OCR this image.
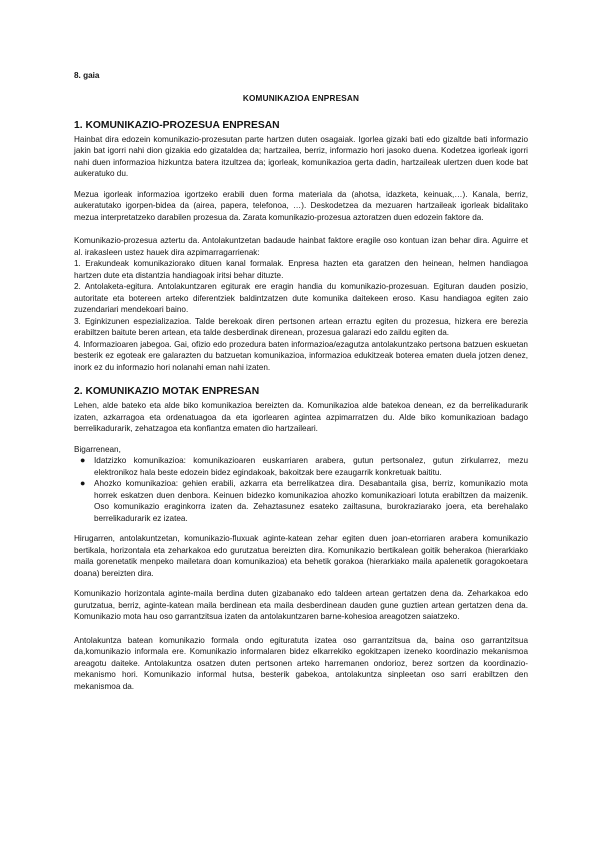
8. gaia

KOMUNIKAZIOA ENPRESAN

1. KOMUNIKAZIO-PROZESUA ENPRESAN

Hainbat dira edozein komunikazio-prozesutan parte hartzen duten osagaiak. Igorlea gizaki bati edo gizaltde bati informazio jakin bat igorri nahi dion gizakia edo gizataldea da; hartzailea, berriz, informazio hori jasoko duena. Kodetzea igorleak igorri nahi duen informazioa hizkuntza batera itzultzea da; igorleak, komunikazioa gerta dadin, hartzaileak ulertzen duen kode bat aukeratuko du.

Mezua igorleak informazioa igortzeko erabili duen forma materiala da (ahotsa, idazketa, keinuak,…). Kanala, berriz, aukeratutako igorpen-bidea da (airea, papera, telefonoa, …). Deskodetzea da mezuaren hartzaileak igorleak bidalitako mezua interpretatzeko darabilen prozesua da. Zarata komunikazio-prozesua aztoratzen duen edozein faktore da.

Komunikazio-prozesua aztertu da. Antolakuntzetan badaude hainbat faktore eragile oso kontuan izan behar dira. Aguirre et al. irakasleen ustez hauek dira azpimarragarrienak:

1. Erakundeak komunikaziorako dituen kanal formalak. Enpresa hazten eta garatzen den heinean, helmen handiagoa hartzen dute eta distantzia handiagoak iritsi behar dituzte.

2. Antolaketa-egitura. Antolakuntzaren egiturak ere eragin handia du komunikazio-prozesuan. Egituran dauden posizio, autoritate eta botereen arteko diferentziek baldintzatzen dute komunika daitekeen eroso. Kasu handiagoa egiten zaio zuzendariari mendekoari baino.

3. Eginkizunen espezializazioa. Talde berekoak diren pertsonen artean erraztu egiten du prozesua, hizkera ere berezia erabiltzen baitute beren artean, eta talde desberdinak direnean, prozesua galarazi edo zaildu egiten da.

4. Informazioaren jabegoa. Gai, ofizio edo prozedura baten informazioa/ezagutza antolakuntzako pertsona batzuen eskuetan besterik ez egoteak ere galarazten du batzuetan komunikazioa, informazioa edukitzeak boterea ematen duela jotzen denez, inork ez du informazio hori nolanahi eman nahi izaten.

2. KOMUNIKAZIO MOTAK ENPRESAN

Lehen, alde bateko eta alde biko komunikazioa bereizten da. Komunikazioa alde batekoa denean, ez da berrelikadurarik izaten, azkarragoa eta ordenatuagoa da eta igorlearen agintea azpimarratzen du. Alde biko komunikazioan badago berrelikadurarik, zehatzagoa eta konfiantza ematen dio hartzaileari.

Bigarrenean,

● Idatzizko komunikazioa: komunikazioaren euskarriaren arabera, gutun pertsonalez, gutun zirkularrez, mezu elektronikoz hala beste edozein bidez egindakoak, bakoitzak bere ezaugarrik konkretuak baititu.
● Ahozko komunikazioa: gehien erabili, azkarra eta berrelikatzea dira. Desabantaila gisa, berriz, komunikazio mota horrek eskatzen duen denbora. Keinuen bidezko komunikazioa ahozko komunikazioari lotuta erabiltzen da maizenik. Oso komunikazio eraginkorra izaten da. Zehaztasunez esateko zailtasuna, burokraziarako joera, eta berehalako berrelikadurarik ez izatea.

Hirugarren, antolakuntzetan, komunikazio-fluxuak aginte-katean zehar egiten duen joan-etorriaren arabera komunikazio bertikala, horizontala eta zeharkakoa edo gurutzatua bereizten dira. Komunikazio bertikalean goitik beherakoa (hierarkiako maila gorenetatik menpeko mailetara doan komunikazioa) eta behetik gorakoa (hierarkiako maila apalenetik goragokoetara doana) bereizten dira.

Komunikazio horizontala aginte-maila berdina duten gizabanako edo taldeen artean gertatzen dena da. Zeharkakoa edo gurutzatua, berriz, aginte-katean maila berdinean eta maila desberdinean dauden gune guztien artean gertatzen dena da. Komunikazio mota hau oso garrantzitsua izaten da antolakuntzaren barne-kohesioa areagotzen saiatzeko.

Antolakuntza batean komunikazio formala ondo egituratuta izatea oso garrantzitsua da, baina oso garrantzitsua da,komunikazio informala ere. Komunikazio informalaren bidez elkarrekiko egokitzapen izeneko koordinazio mekanismoa areagotu daiteke. Antolakuntza osatzen duten pertsonen arteko harremanen ondorioz, berez sortzen da koordinazio-mekanismo hori. Komunikazio informal hutsa, besterik gabekoa, antolakuntza sinpleetan oso sarri erabiltzen den mekanismoa da.
